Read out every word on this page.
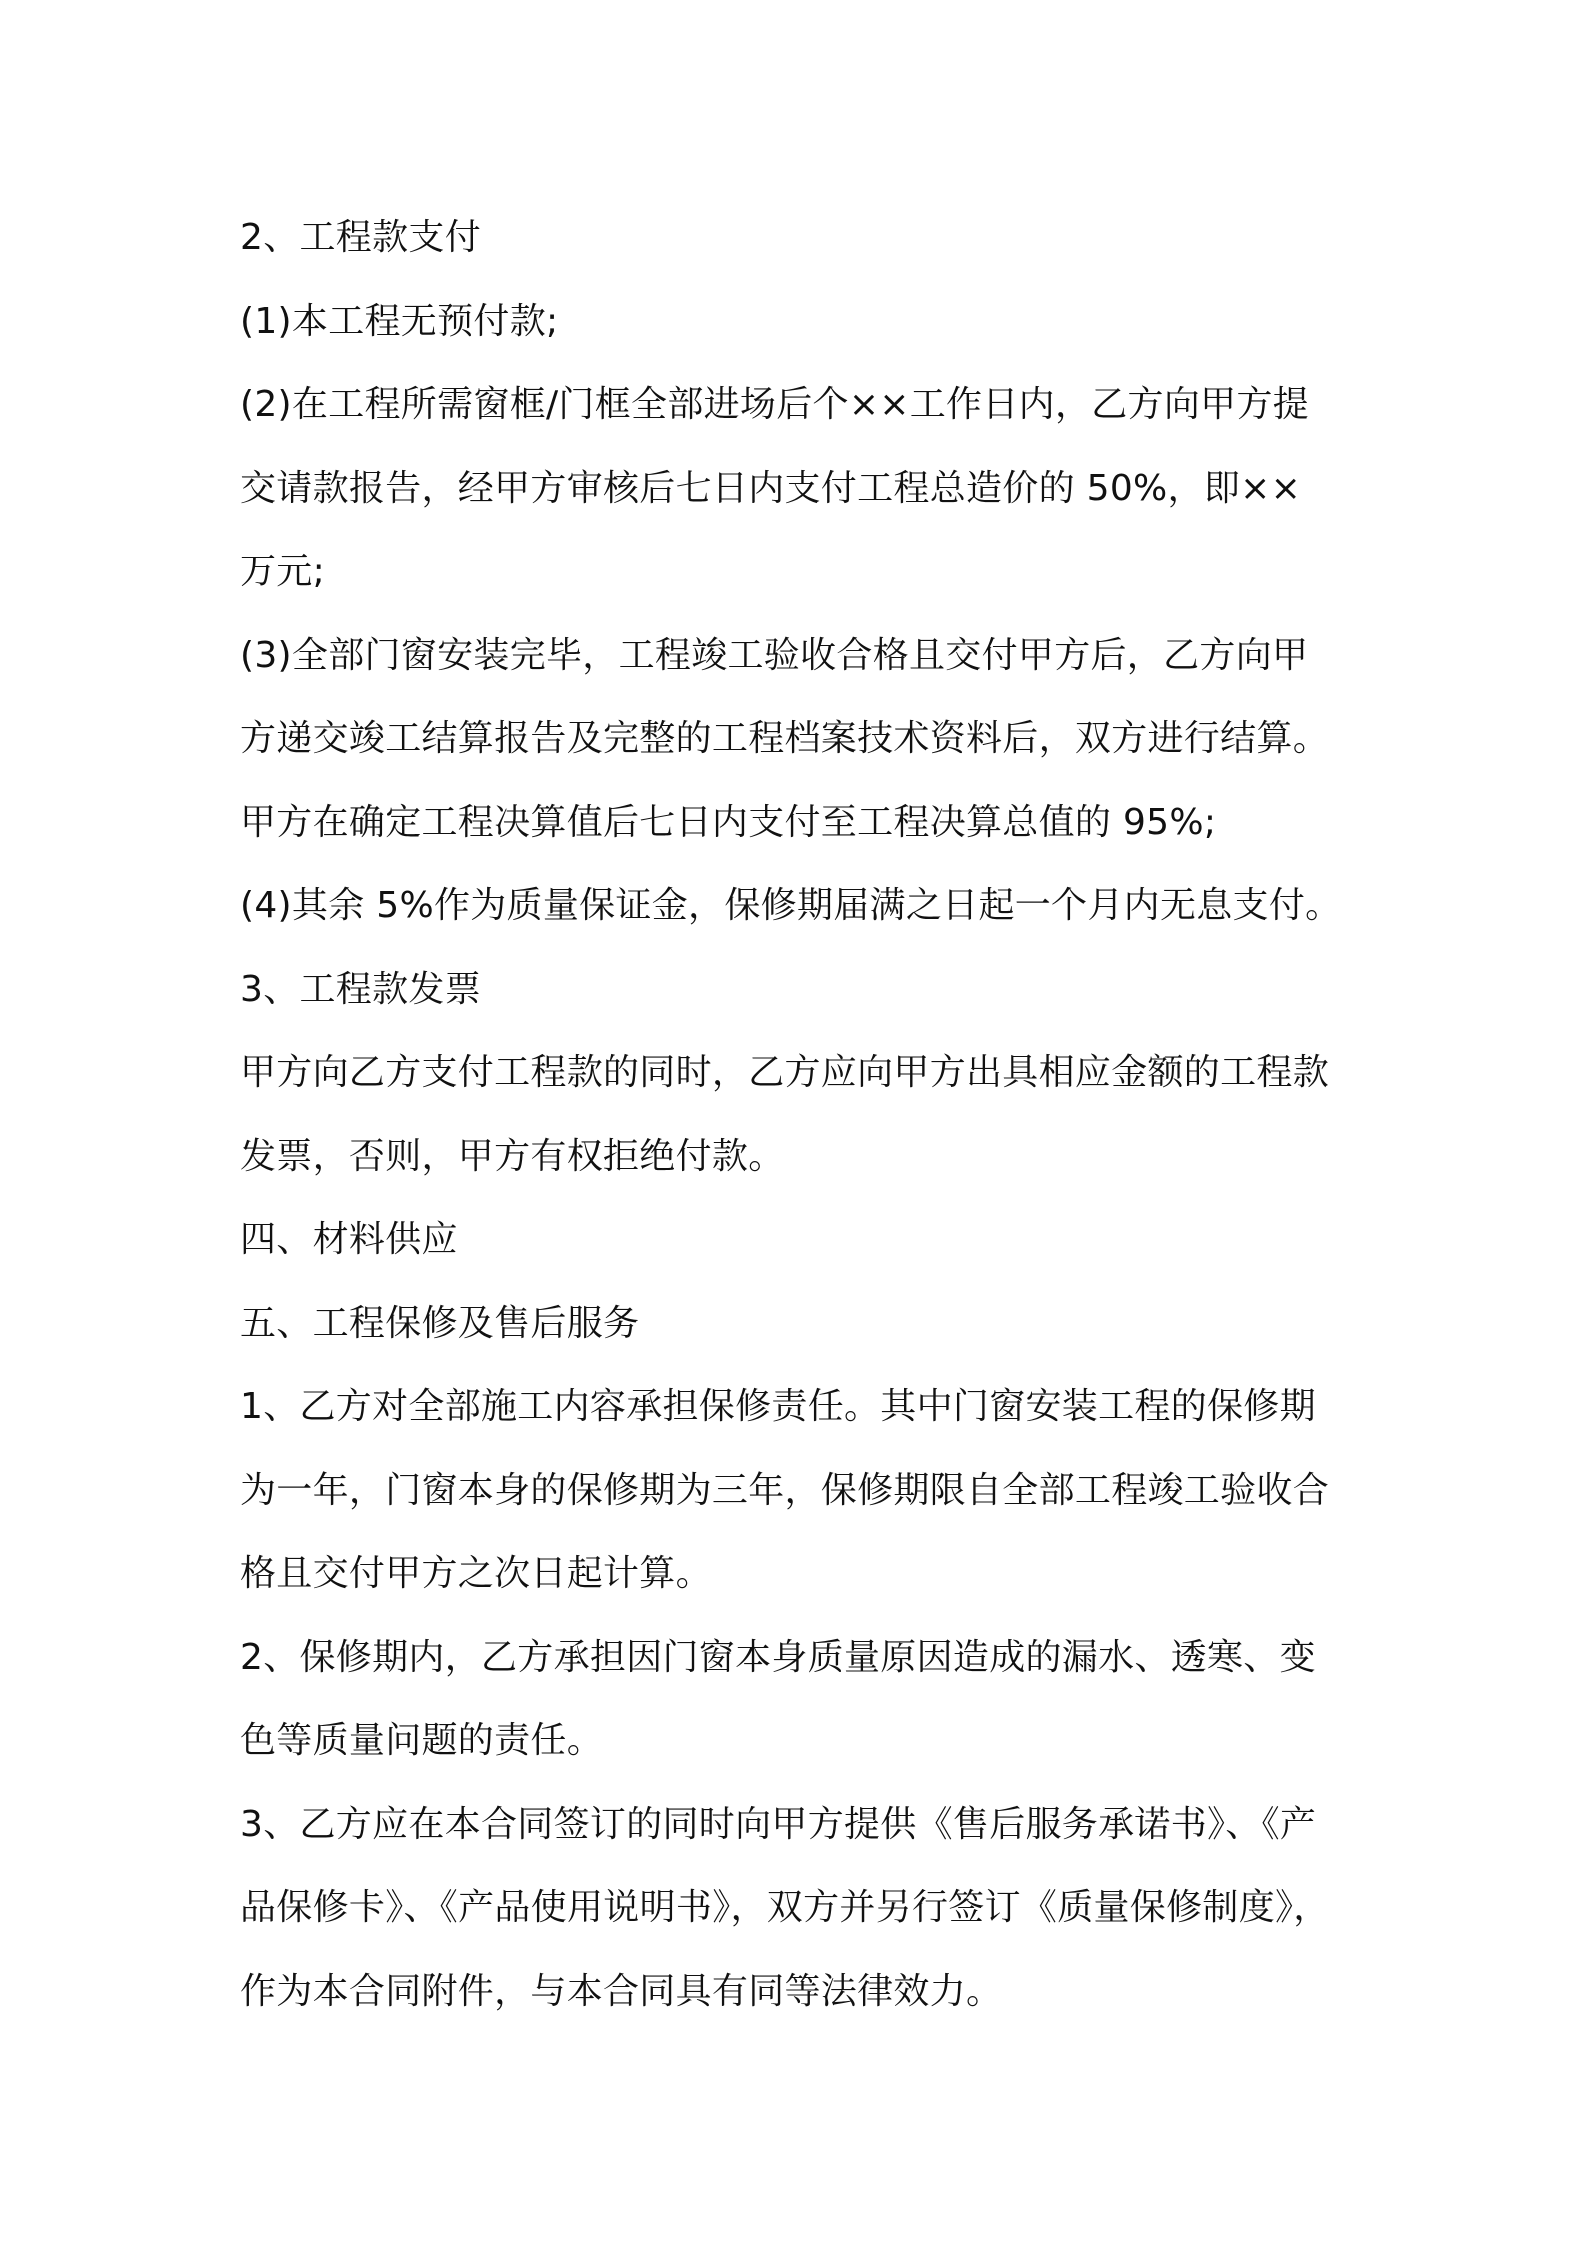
2、工程款支付
(1)本工程无预付款;
(2)在工程所需窗框/门框全部进场后个××工作日内，乙方向甲方提
交请款报告，经甲方审核后七日内支付工程总造价的 50%，即××
万元;
(3)全部门窗安装完毕，工程竣工验收合格且交付甲方后，乙方向甲
方递交竣工结算报告及完整的工程档案技术资料后，双方进行结算。
甲方在确定工程决算值后七日内支付至工程决算总值的 95%;
(4)其余 5%作为质量保证金，保修期届满之日起一个月内无息支付。
3、工程款发票
甲方向乙方支付工程款的同时，乙方应向甲方出具相应金额的工程款
发票，否则，甲方有权拒绝付款。
四、材料供应
五、工程保修及售后服务
1、乙方对全部施工内容承担保修责任。其中门窗安装工程的保修期
为一年，门窗本身的保修期为三年，保修期限自全部工程竣工验收合
格且交付甲方之次日起计算。
2、保修期内，乙方承担因门窗本身质量原因造成的漏水、透寒、变
色等质量问题的责任。
3、乙方应在本合同签订的同时向甲方提供《售后服务承诺书》、《产
品保修卡》、《产品使用说明书》，双方并另行签订《质量保修制度》，
作为本合同附件，与本合同具有同等法律效力。
